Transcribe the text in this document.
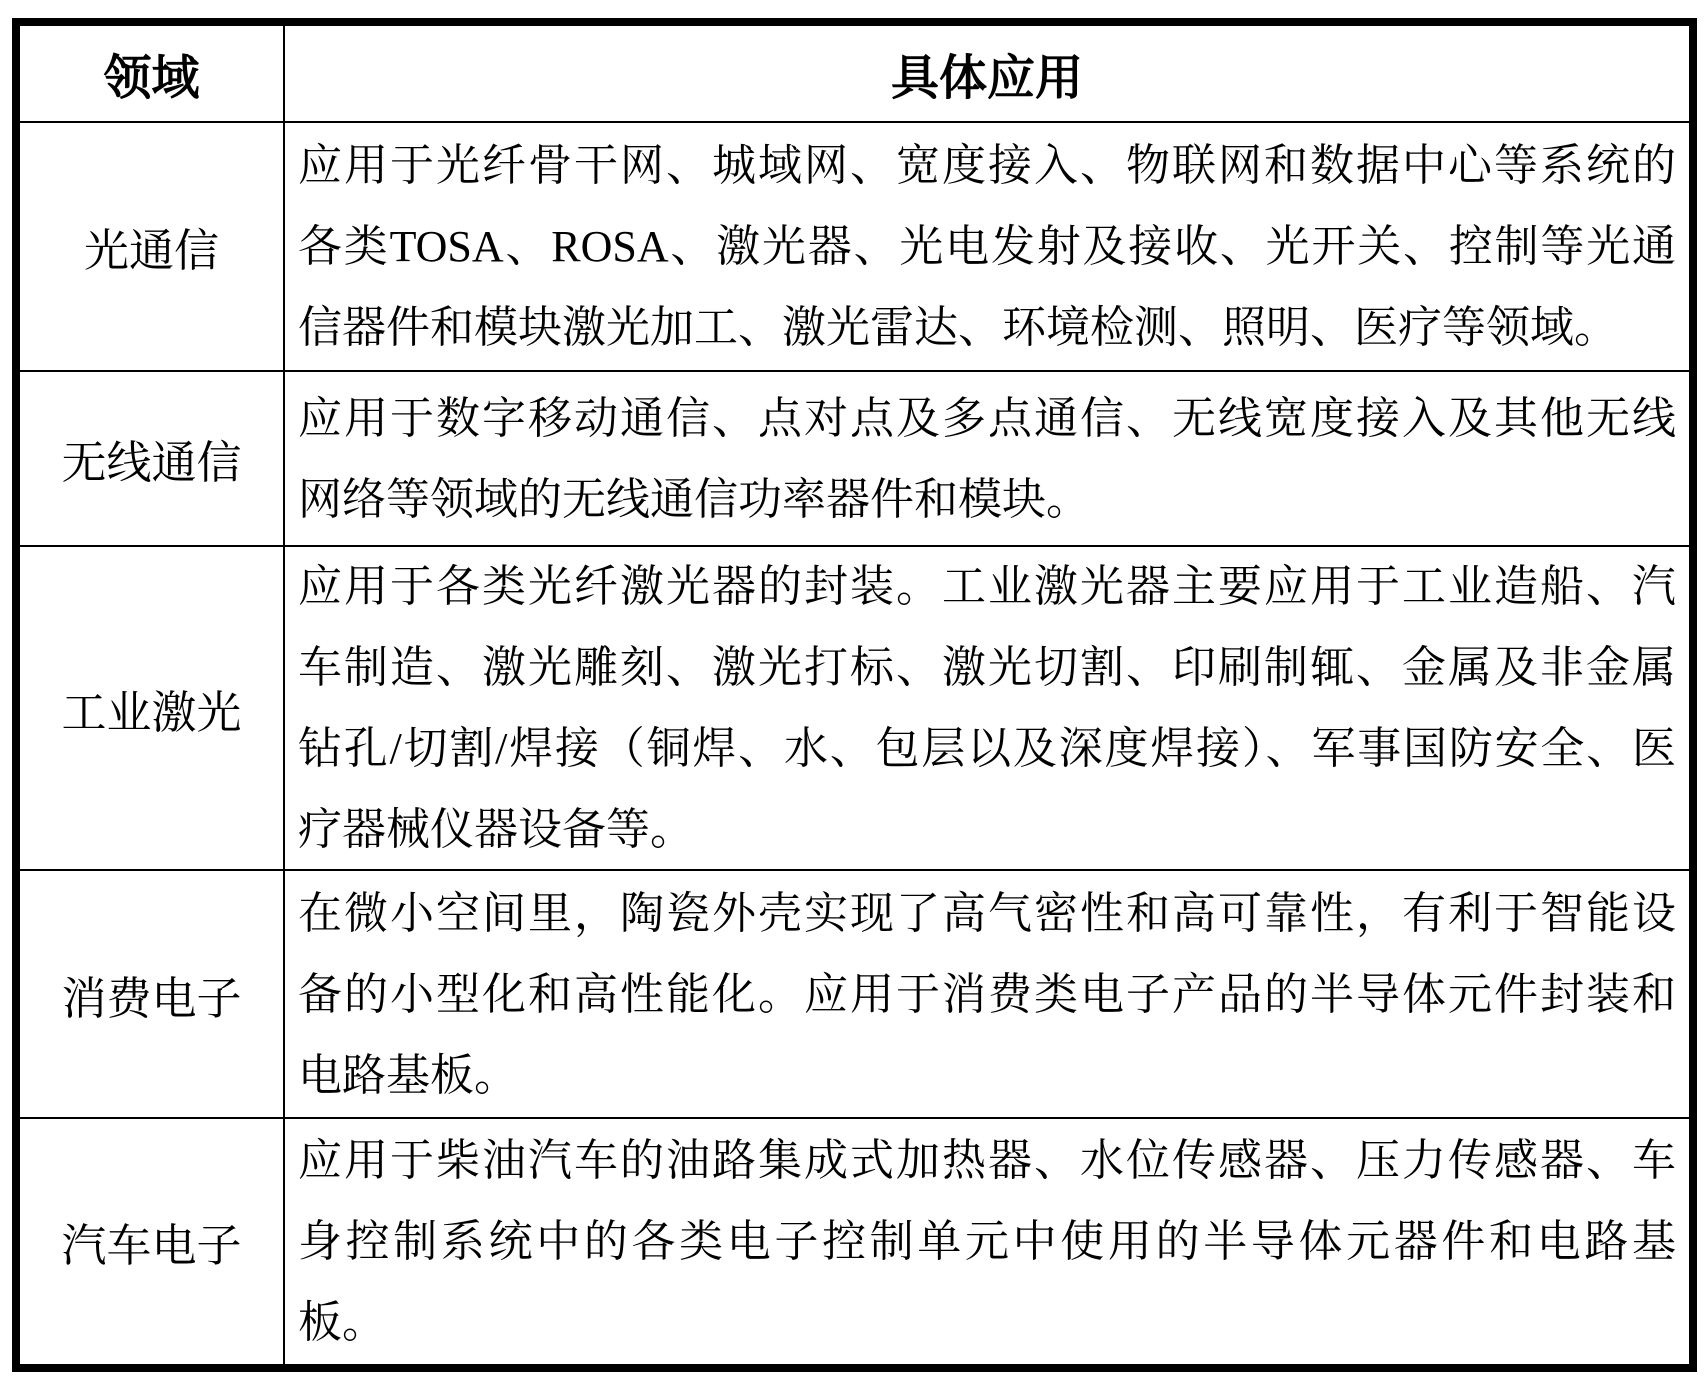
领域	具体应用
光通信
应用于光纤骨干网、城域网、宽度接入、物联网和数据中心等系统的
各类TOSA、ROSA、激光器、光电发射及接收、光开关、控制等光通
信器件和模块激光加工、激光雷达、环境检测、照明、医疗等领域。
无线通信
应用于数字移动通信、点对点及多点通信、无线宽度接入及其他无线
网络等领域的无线通信功率器件和模块。
工业激光
应用于各类光纤激光器的封装。工业激光器主要应用于工业造船、汽
车制造、激光雕刻、激光打标、激光切割、印刷制辄、金属及非金属
钻孔/切割/焊接（铜焊、水、包层以及深度焊接）、军事国防安全、医
疗器械仪器设备等。
消费电子
在微小空间里，陶瓷外壳实现了高气密性和高可靠性，有利于智能设
备的小型化和高性能化。应用于消费类电子产品的半导体元件封装和
电路基板。
汽车电子
应用于柴油汽车的油路集成式加热器、水位传感器、压力传感器、车
身控制系统中的各类电子控制单元中使用的半导体元器件和电路基
板。
